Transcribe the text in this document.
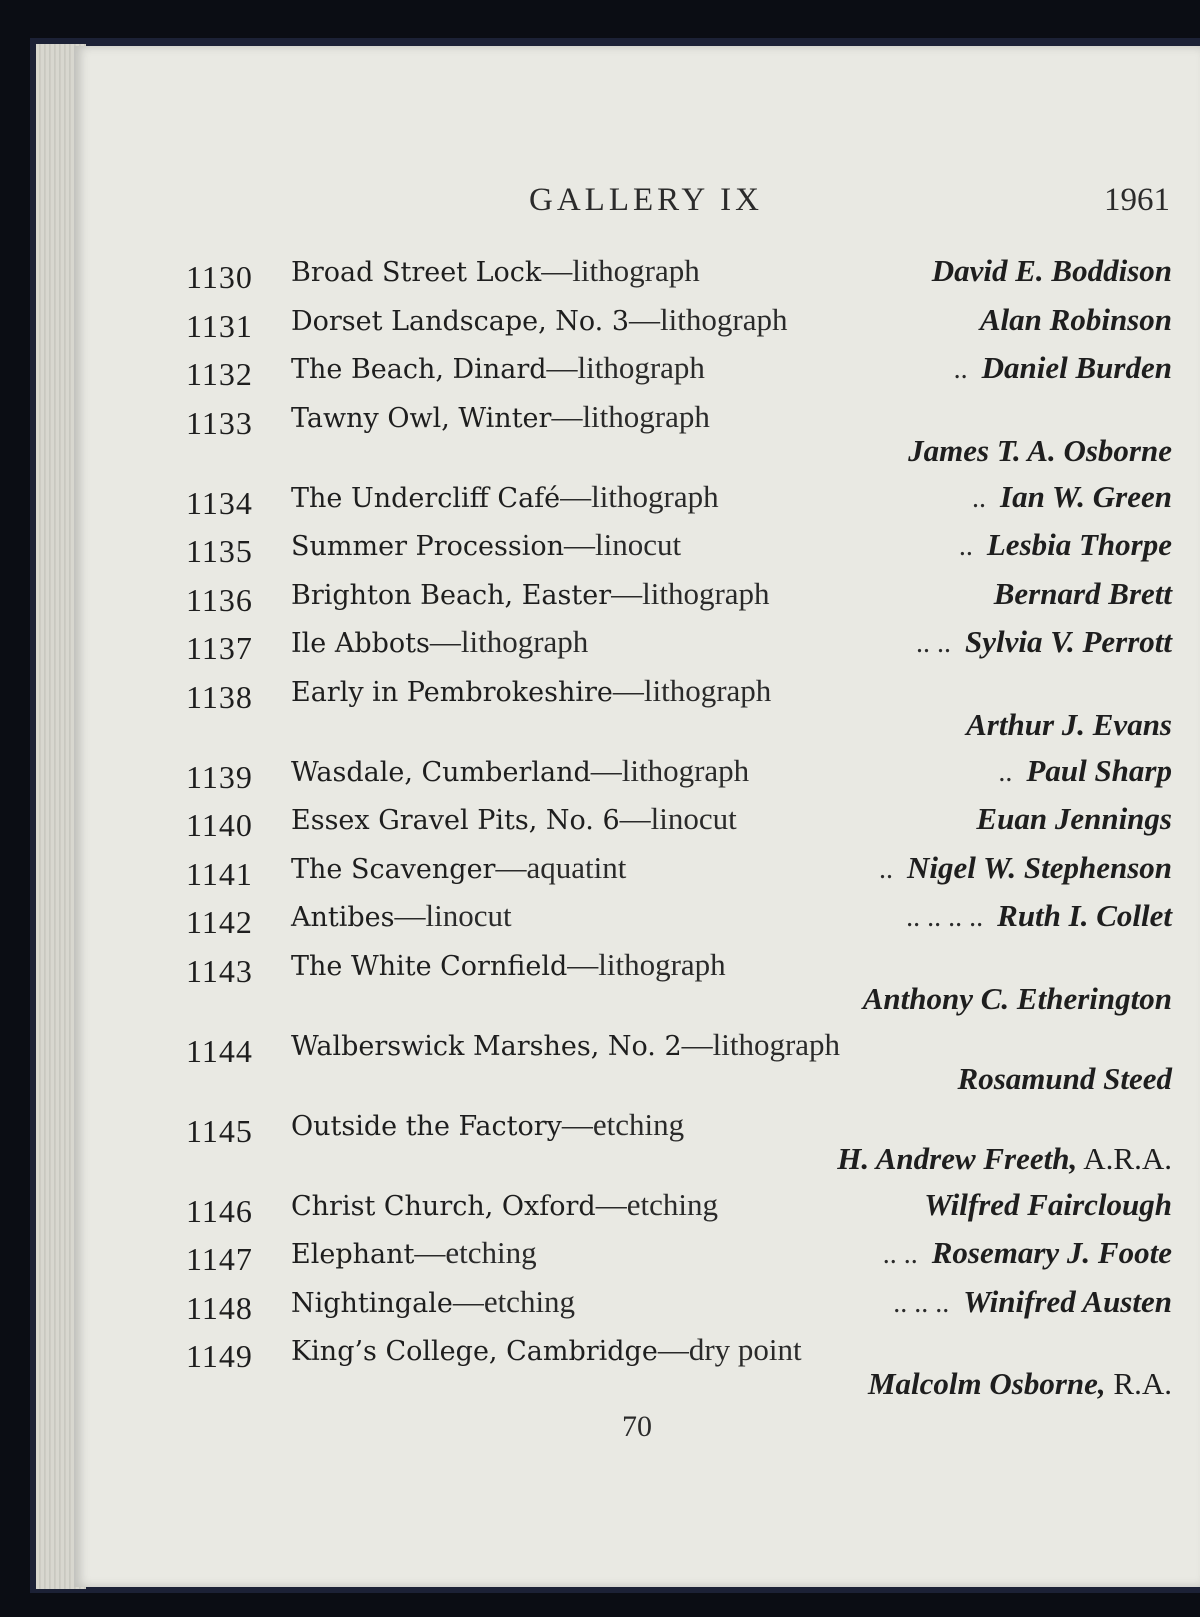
GALLERY IX	1961
1130 Broad Street Lock —lithograph	David E. Boddison
1131 Dorset Landscape, No. 3 —lithograph	Alan Robinson
1132 The Beach, Dinard —lithograph	.. Daniel Burden
1133 Tawny Owl, Winter —lithograph
James T. A. Osborne
1134 The Undercliff Café —lithograph	.. Ian W. Green
1135 Summer Procession —linocut	.. Lesbia Thorpe
1136 Brighton Beach, Easter —lithograph	Bernard Brett
1137 Ile Abbots —lithograph	.. .. Sylvia V. Perrott
1138 Early in Pembrokeshire —lithograph
Arthur J. Evans
1139 Wasdale, Cumberland —lithograph	.. Paul Sharp
1140 Essex Gravel Pits, No. 6 —linocut	Euan Jennings
1141 The Scavenger —aquatint	.. Nigel W. Stephenson
1142 Antibes —linocut	.. .. .. .. Ruth I. Collet
1143 The White Cornfield —lithograph
Anthony C. Etherington
1144 Walberswick Marshes, No. 2 —lithograph
Rosamund Steed
1145 Outside the Factory —etching
H. Andrew Freeth, A.R.A.
1146 Christ Church, Oxford —etching	Wilfred Fairclough
1147 Elephant —etching	.. .. Rosemary J. Foote
1148 Nightingale —etching	.. .. .. Winifred Austen
1149 King’s College, Cambridge —dry point
Malcolm Osborne, R.A.
70
